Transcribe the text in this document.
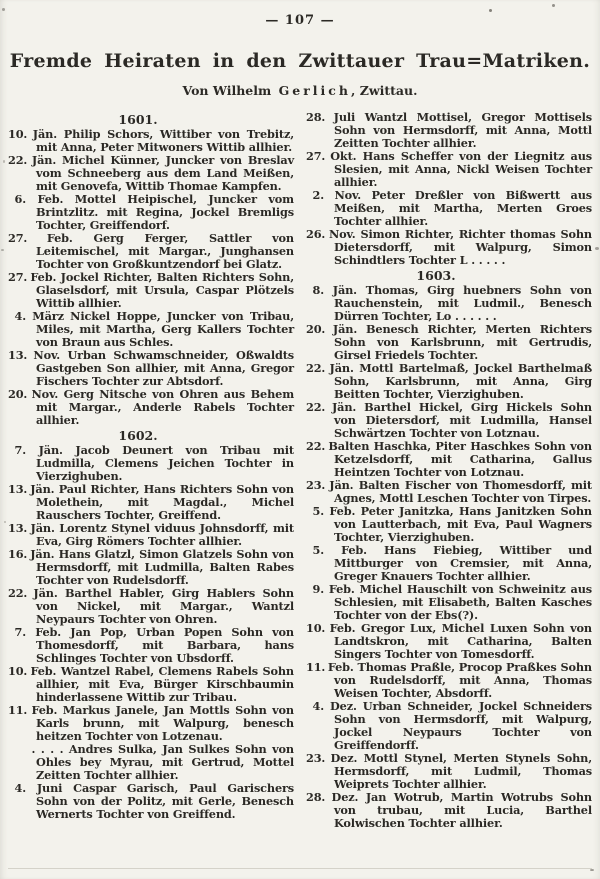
— 107 —
Fremde Heiraten in den Zwittauer Trau=Matriken.
Von Wilhelm Gerlich, Zwittau.
1601.

10. Jän. Philip Schors, Wittiber von Trebitz, mit Anna, Peter Mitwoners Wittib allhier.

22. Jän. Michel Künner, Juncker von Breslav vom Schneeberg aus dem Land Meißen, mit Genovefa, Wittib Thomae Kampfen.

6. Feb. Mottel Heipischel, Juncker vom Brintzlitz. mit Regina, Jockel Bremligs Tochter, Greiffendorf.

27. Feb. Gerg Ferger, Sattler von Leitemischel, mit Margar., Junghansen Tochter von Großkuntzendorf bei Glatz.

27. Feb. Jockel Richter, Balten Richters Sohn, Glaselsdorf, mit Ursula, Caspar Plötzels Wittib allhier.

4. März Nickel Hoppe, Juncker von Tribau, Miles, mit Martha, Gerg Kallers Tochter von Braun aus Schles.

13. Nov. Urban Schwamschneider, Oßwaldts Gastgeben Son allhier, mit Anna, Gregor Fischers Tochter zur Abtsdorf.

20. Nov. Gerg Nitsche von Ohren aus Behem mit Margar., Anderle Rabels Tochter allhier.

1602.

7. Jän. Jacob Deunert von Tribau mit Ludmilla, Clemens Jeichen Tochter in Vierzighuben.

13. Jän. Paul Richter, Hans Richters Sohn von Molethein, mit Magdal., Michel Rauschers Tochter, Greiffend.

13. Jän. Lorentz Stynel viduus Johnsdorff, mit Eva, Girg Römers Tochter allhier.

16. Jän. Hans Glatzl, Simon Glatzels Sohn von Hermsdorff, mit Ludmilla, Balten Rabes Tochter von Rudelsdorff.

22. Jän. Barthel Habler, Girg Hablers Sohn von Nickel, mit Margar., Wantzl Neypaurs Tochter von Ohren.

7. Feb. Jan Pop, Urban Popen Sohn von Thomesdorff, mit Barbara, hans Schlinges Tochter von Ubsdorff.

10. Feb. Wantzel Rabel, Clemens Rabels Sohn allhier, mit Eva, Bürger Kirschbaumin hinderlassene Wittib zur Tribau.

11. Feb. Markus Janele, Jan Mottls Sohn von Karls brunn, mit Walpurg, benesch heitzen Tochter von Lotzenau.

. . . . Andres Sulka, Jan Sulkes Sohn von Ohles bey Myrau, mit Gertrud, Mottel Zeitten Tochter allhier.

4. Juni Caspar Garisch, Paul Garischers Sohn von der Politz, mit Gerle, Benesch Wernerts Tochter von Greiffend.

28. Juli Wantzl Mottisel, Gregor Mottisels Sohn von Hermsdorff, mit Anna, Mottl Zeitten Tochter allhier.

27. Okt. Hans Scheffer von der Liegnitz aus Slesien, mit Anna, Nickl Weisen Tochter allhier.

2. Nov. Peter Dreßler von Bißwertt aus Meißen, mit Martha, Merten Groes Tochter allhier.

26. Nov. Simon Richter, Richter thomas Sohn Dietersdorff, mit Walpurg, Simon Schindtlers Tochter L . . . . .

1603.

8. Jän. Thomas, Girg huebners Sohn von Rauchenstein, mit Ludmil., Benesch Dürren Tochter, Lo . . . . . .

20. Jän. Benesch Richter, Merten Richters Sohn von Karlsbrunn, mit Gertrudis, Girsel Friedels Tochter.

22. Jän. Mottl Bartelmaß, Jockel Barthelmaß Sohn, Karlsbrunn, mit Anna, Girg Beitten Tochter, Vierzighuben.

22. Jän. Barthel Hickel, Girg Hickels Sohn von Dietersdorf, mit Ludmilla, Hansel Schwärtzen Tochter von Lotznau.

22. Balten Haschka, Piter Haschkes Sohn von Ketzelsdorff, mit Catharina, Gallus Heintzen Tochter von Lotznau.

23. Jän. Balten Fischer von Thomesdorff, mit Agnes, Mottl Leschen Tochter von Tirpes.

5. Feb. Peter Janitzka, Hans Janitzken Sohn von Lautterbach, mit Eva, Paul Wagners Tochter, Vierzighuben.

5. Feb. Hans Fiebieg, Wittiber und Mittburger von Cremsier, mit Anna, Greger Knauers Tochter allhier.

9. Feb. Michel Hauschilt von Schweinitz aus Schlesien, mit Elisabeth, Balten Kasches Tochter von der Ebs(?).

10. Feb. Gregor Lux, Michel Luxen Sohn von Landtskron, mit Catharina, Balten Singers Tochter von Tomesdorff.

11. Feb. Thomas Praßle, Procop Praßkes Sohn von Rudelsdorff, mit Anna, Thomas Weisen Tochter, Absdorff.

4. Dez. Urban Schneider, Jockel Schneiders Sohn von Hermsdorff, mit Walpurg, Jockel Neypaurs Tochter von Greiffendorff.

23. Dez. Mottl Stynel, Merten Stynels Sohn, Hermsdorff, mit Ludmil, Thomas Weiprets Tochter allhier.

28. Dez. Jan Wotrub, Martin Wotrubs Sohn von trubau, mit Lucia, Barthel Kolwischen Tochter allhier.
